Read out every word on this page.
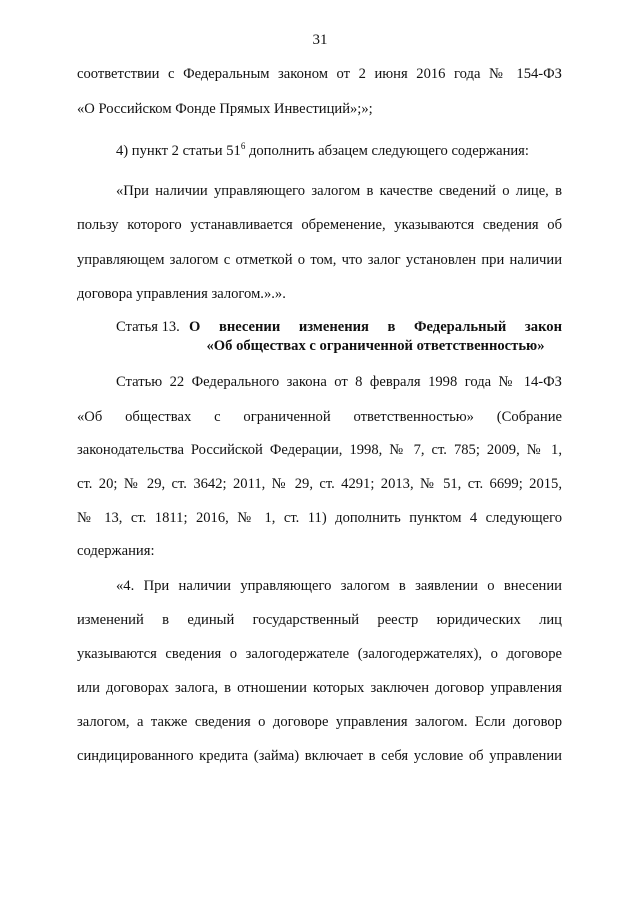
31
соответствии с Федеральным законом от 2 июня 2016 года № 154-ФЗ
«О Российском Фонде Прямых Инвестиций»;»;
4) пункт 2 статьи $51^6$ дополнить абзацем следующего содержания:
«При наличии управляющего залогом в качестве сведений о лице, в
пользу которого устанавливается обременение, указываются сведения об
управляющем залогом с отметкой о том, что залог установлен при наличии
договора управления залогом.».».
Статья 13. О внесении изменения в Федеральный закон
«Об обществах с ограниченной ответственностью»
Статью 22 Федерального закона от 8 февраля 1998 года № 14-ФЗ
«Об обществах с ограниченной ответственностью» (Собрание
законодательства Российской Федерации, 1998, № 7, ст. 785; 2009, № 1,
ст. 20; № 29, ст. 3642; 2011, № 29, ст. 4291; 2013, № 51, ст. 6699; 2015,
№ 13, ст. 1811; 2016, № 1, ст. 11) дополнить пунктом 4 следующего
содержания:
«4. При наличии управляющего залогом в заявлении о внесении
изменений в единый государственный реестр юридических лиц
указываются сведения о залогодержателе (залогодержателях), о договоре
или договорах залога, в отношении которых заключен договор управления
залогом, а также сведения о договоре управления залогом. Если договор
синдицированного кредита (займа) включает в себя условие об управлении
